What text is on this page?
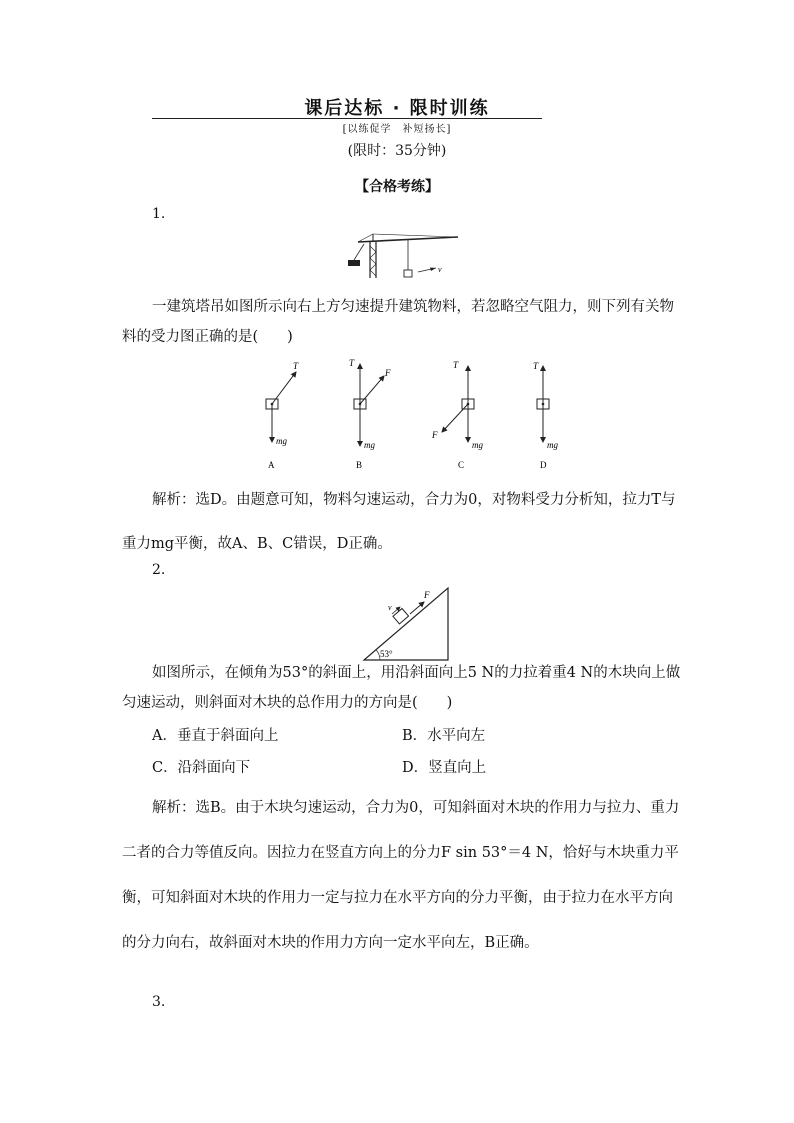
课后达标 · 限时训练
[以练促学　补短扬长]
(限时：35分钟)
【合格考练】
1.
v
一建筑塔吊如图所示向右上方匀速提升建筑物料，若忽略空气阻力，则下列有关物料的受力图正确的是(　　)
T
mg
A
T
F
mg
B
T
F
mg
C
T
mg
D
解析：选D。由题意可知，物料匀速运动，合力为0，对物料受力分析知，拉力T与重力mg平衡，故A、B、C错误，D正确。
2.
F
v
53°
如图所示，在倾角为53°的斜面上，用沿斜面向上5 N的力拉着重4 N的木块向上做匀速运动，则斜面对木块的总作用力的方向是(　　)
A．垂直于斜面向上	B．水平向左
C．沿斜面向下	D．竖直向上
解析：选B。由于木块匀速运动，合力为0，可知斜面对木块的作用力与拉力、重力二者的合力等值反向。因拉力在竖直方向上的分力F sin 53°＝4 N，恰好与木块重力平衡，可知斜面对木块的作用力一定与拉力在水平方向的分力平衡，由于拉力在水平方向的分力向右，故斜面对木块的作用力方向一定水平向左，B正确。
3.
